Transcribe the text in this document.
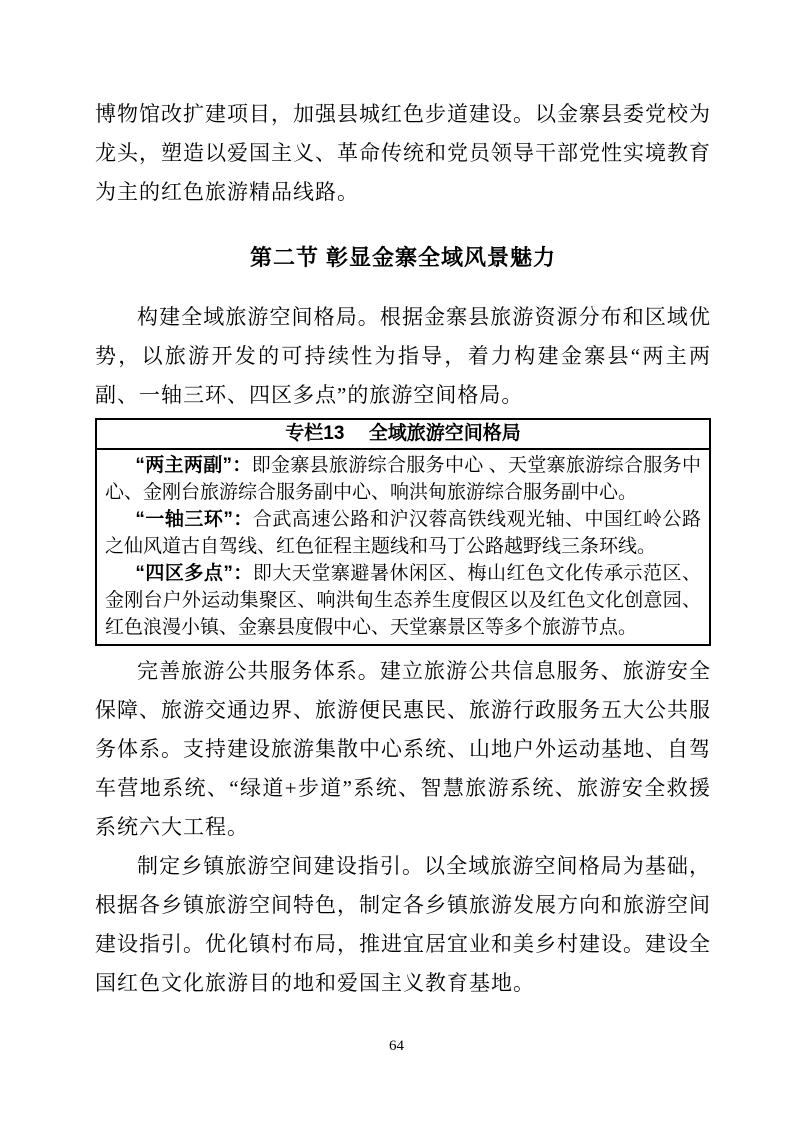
博物馆改扩建项目，加强县城红色步道建设。以金寨县委党校为龙头，塑造以爱国主义、革命传统和党员领导干部党性实境教育为主的红色旅游精品线路。

第二节 彰显金寨全域风景魅力

构建全域旅游空间格局。根据金寨县旅游资源分布和区域优势，以旅游开发的可持续性为指导，着力构建金寨县“两主两副、一轴三环、四区多点”的旅游空间格局。

专栏13　 全域旅游空间格局

“两主两副”：即金寨县旅游综合服务中心 、天堂寨旅游综合服务中心、金刚台旅游综合服务副中心、响洪甸旅游综合服务副中心。

“一轴三环”：合武高速公路和沪汉蓉高铁线观光轴、中国红岭公路之仙风道古自驾线、红色征程主题线和马丁公路越野线三条环线。

“四区多点”：即大天堂寨避暑休闲区、梅山红色文化传承示范区、金刚台户外运动集聚区、响洪甸生态养生度假区以及红色文化创意园、红色浪漫小镇、金寨县度假中心、天堂寨景区等多个旅游节点。

完善旅游公共服务体系。建立旅游公共信息服务、旅游安全保障、旅游交通边界、旅游便民惠民、旅游行政服务五大公共服务体系。支持建设旅游集散中心系统、山地户外运动基地、自驾车营地系统、“绿道+步道”系统、智慧旅游系统、旅游安全救援系统六大工程。

制定乡镇旅游空间建设指引。以全域旅游空间格局为基础，根据各乡镇旅游空间特色，制定各乡镇旅游发展方向和旅游空间建设指引。优化镇村布局，推进宜居宜业和美乡村建设。建设全国红色文化旅游目的地和爱国主义教育基地。

64
